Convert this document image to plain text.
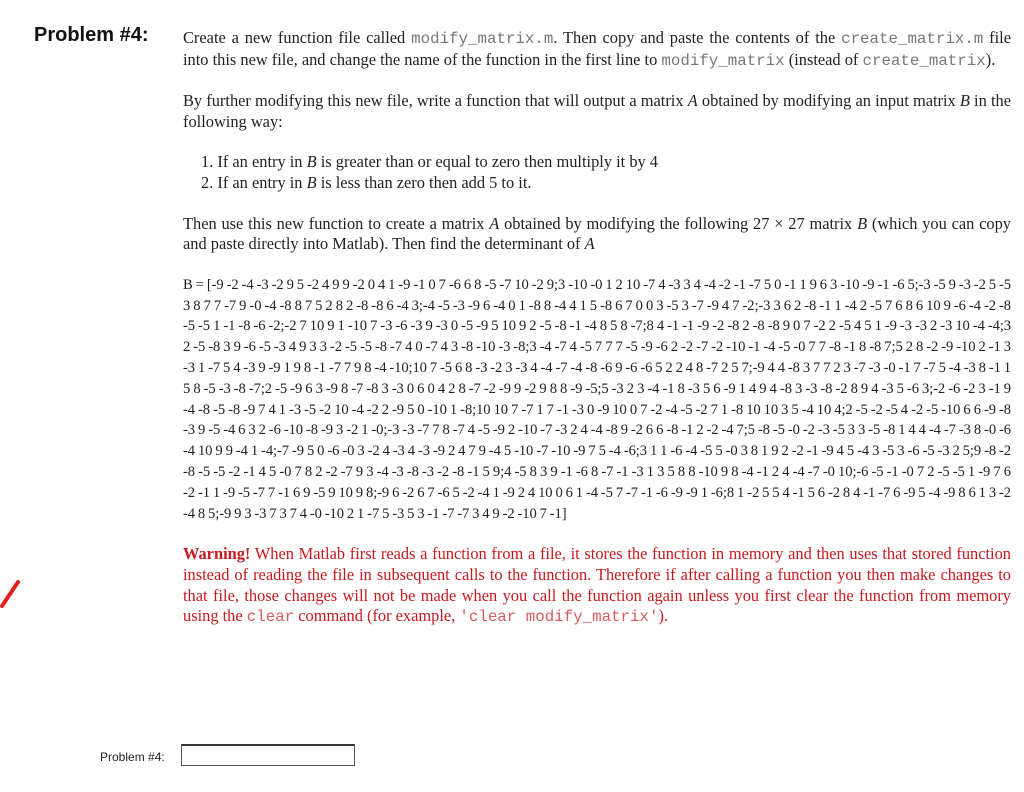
Problem #4: Create a new function file called modify_matrix.m. Then copy and paste the contents of the create_matrix.m file into this new file, and change the name of the function in the first line to modify_matrix (instead of create_matrix).

By further modifying this new file, write a function that will output a matrix A obtained by modifying an input matrix B in the following way:

1. If an entry in B is greater than or equal to zero then multiply it by 4
2. If an entry in B is less than zero then add 5 to it.

Then use this new function to create a matrix A obtained by modifying the following 27 × 27 matrix B (which you can copy and paste directly into Matlab). Then find the determinant of A

B = [-9 -2 -4 -3 -2 9 5 -2 4 9 9 -2 0 4 1 -9 -1 0 7 -6 6 8 -5 -7 10 -2 9;3 -10 -0 1 2 10 -7 4 -3 3 4 -4 -2 -1 -7 5 0 -1 1 9 6 3 -10 -9 -1 -6 5;-3 -5 9 -3 -2 5 -5 3 8 7 7 -7 9 -0 -4 -8 8 7 5 2 8 2 -8 -8 6 -4 3;-4 -5 -3 -9 6 -4 0 1 -8 8 -4 4 1 5 -8 6 7 0 0 3 -5 3 -7 -9 4 7 -2;-3 3 6 2 -8 -1 1 -4 2 -5 7 6 8 6 10 9 -6 -4 -2 -8 -5 -5 1 -1 -8 -6 -2;-2 7 10 9 1 -10 7 -3 -6 -3 9 -3 0 -5 -9 5 10 9 2 -5 -8 -1 -4 8 5 8 -7;8 4 -1 -1 -9 -2 -8 2 -8 -8 9 0 7 -2 2 -5 4 5 1 -9 -3 -3 2 -3 10 -4 -4;3 2 -5 -8 3 9 -6 -5 -3 4 9 3 3 -2 -5 -5 -8 -7 4 0 -7 4 3 -8 -10 -3 -8;3 -4 -7 4 -5 7 7 7 -5 -9 -6 2 -2 -7 -2 -10 -1 -4 -5 -0 7 7 -8 -1 8 -8 7;5 2 8 -2 -9 -10 2 -1 3 -3 1 -7 5 4 -3 9 -9 1 9 8 -1 -7 7 9 8 -4 -10;10 7 -5 6 8 -3 -2 3 -3 4 -4 -7 -4 -8 -6 9 -6 -6 5 2 2 4 8 -7 2 5 7;-9 4 4 -8 3 7 7 2 3 -7 -3 -0 -1 7 -7 5 -4 -3 8 -1 1 5 8 -5 -3 -8 -7;2 -5 -9 6 3 -9 8 -7 -8 3 -3 0 6 0 4 2 8 -7 -2 -9 9 -2 9 8 8 -9 -5;5 -3 2 3 -4 -1 8 -3 5 6 -9 1 4 9 4 -8 3 -3 -8 -2 8 9 4 -3 5 -6 3;-2 -6 -2 3 -1 9 -4 -8 -5 -8 -9 7 4 1 -3 -5 -2 10 -4 -2 2 -9 5 0 -10 1 -8;10 10 7 -7 1 7 -1 -3 0 -9 10 0 7 -2 -4 -5 -2 7 1 -8 10 10 3 5 -4 10 4;2 -5 -2 -5 4 -2 -5 -10 6 6 -9 -8 -3 9 -5 -4 6 3 2 -6 -10 -8 -9 3 -2 1 -0;-3 -3 -7 7 8 -7 4 -5 -9 2 -10 -7 -3 2 4 -4 -8 9 -2 6 6 -8 -1 2 -2 -4 7;5 -8 -5 -0 -2 -3 -5 3 3 -5 -8 1 4 4 -4 -7 -3 8 -0 -6 -4 10 9 9 -4 1 -4;-7 -9 5 0 -6 -0 3 -2 4 -3 4 -3 -9 2 4 7 9 -4 5 -10 -7 -10 -9 7 5 -4 -6;3 1 1 -6 -4 -5 5 -0 3 8 1 9 2 -2 -1 -9 4 5 -4 3 -5 3 -6 -5 -3 2 5;9 -8 -2 -8 -5 -5 -2 -1 4 5 -0 7 8 2 -2 -7 9 3 -4 -3 -8 -3 -2 -8 -1 5 9;4 -5 8 3 9 -1 -6 8 -7 -1 -3 1 3 5 8 8 -10 9 8 -4 -1 2 4 -4 -7 -0 10;-6 -5 -1 -0 7 2 -5 -5 1 -9 7 6 -2 -1 1 -9 -5 -7 7 -1 6 9 -5 9 10 9 8;-9 6 -2 6 7 -6 5 -2 -4 1 -9 2 4 10 0 6 1 -4 -5 7 -7 -1 -6 -9 -9 1 -6;8 1 -2 5 5 4 -1 5 6 -2 8 4 -1 -7 6 -9 5 -4 -9 8 6 1 3 -2 -4 8 5;-9 9 3 -3 7 3 7 4 -0 -10 2 1 -7 5 -3 5 3 -1 -7 -7 3 4 9 -2 -10 7 -1]

Warning! When Matlab first reads a function from a file, it stores the function in memory and then uses that stored function instead of reading the file in subsequent calls to the function. Therefore if after calling a function you then make changes to that file, those changes will not be made when you call the function again unless you first clear the function from memory using the clear command (for example, 'clear modify_matrix').

Problem #4:
